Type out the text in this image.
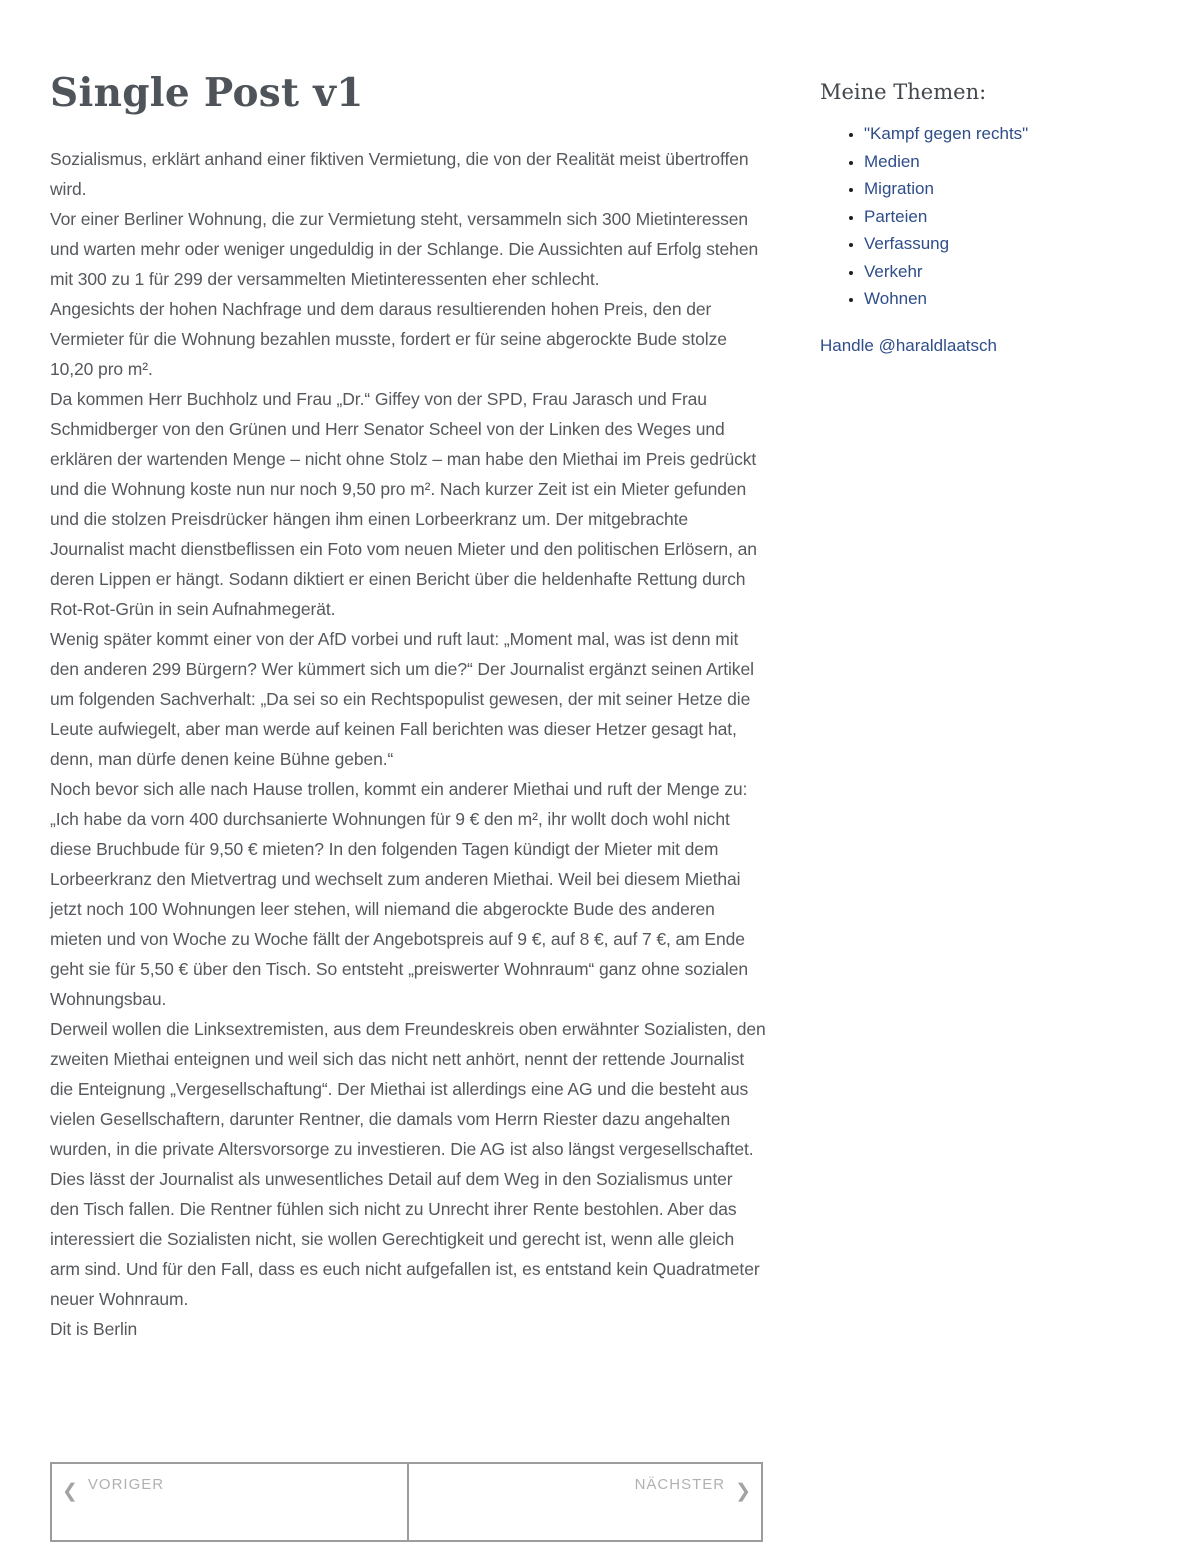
Single Post v1

Sozialismus, erklärt anhand einer fiktiven Vermietung, die von der Realität meist übertroffen wird.

Vor einer Berliner Wohnung, die zur Vermietung steht, versammeln sich 300 Mietinteressen und warten mehr oder weniger ungeduldig in der Schlange. Die Aussichten auf Erfolg stehen mit 300 zu 1 für 299 der versammelten Mietinteressenten eher schlecht.

Angesichts der hohen Nachfrage und dem daraus resultierenden hohen Preis, den der Vermieter für die Wohnung bezahlen musste, fordert er für seine abgerockte Bude stolze 10,20 pro m².

Da kommen Herr Buchholz und Frau „Dr.“ Giffey von der SPD, Frau Jarasch und Frau Schmidberger von den Grünen und Herr Senator Scheel von der Linken des Weges und erklären der wartenden Menge – nicht ohne Stolz – man habe den Miethai im Preis gedrückt und die Wohnung koste nun nur noch 9,50 pro m². Nach kurzer Zeit ist ein Mieter gefunden und die stolzen Preisdrücker hängen ihm einen Lorbeerkranz um. Der mitgebrachte Journalist macht dienstbeflissen ein Foto vom neuen Mieter und den politischen Erlösern, an deren Lippen er hängt. Sodann diktiert er einen Bericht über die heldenhafte Rettung durch Rot-Rot-Grün in sein Aufnahmegerät.

Wenig später kommt einer von der AfD vorbei und ruft laut: „Moment mal, was ist denn mit den anderen 299 Bürgern? Wer kümmert sich um die?“ Der Journalist ergänzt seinen Artikel um folgenden Sachverhalt: „Da sei so ein Rechtspopulist gewesen, der mit seiner Hetze die Leute aufwiegelt, aber man werde auf keinen Fall berichten was dieser Hetzer gesagt hat, denn, man dürfe denen keine Bühne geben.“

Noch bevor sich alle nach Hause trollen, kommt ein anderer Miethai und ruft der Menge zu: „Ich habe da vorn 400 durchsanierte Wohnungen für 9 € den m², ihr wollt doch wohl nicht diese Bruchbude für 9,50 € mieten? In den folgenden Tagen kündigt der Mieter mit dem Lorbeerkranz den Mietvertrag und wechselt zum anderen Miethai. Weil bei diesem Miethai jetzt noch 100 Wohnungen leer stehen, will niemand die abgerockte Bude des anderen mieten und von Woche zu Woche fällt der Angebotspreis auf 9 €, auf 8 €, auf 7 €, am Ende geht sie für 5,50 € über den Tisch. So entsteht „preiswerter Wohnraum“ ganz ohne sozialen Wohnungsbau.

Derweil wollen die Linksextremisten, aus dem Freundeskreis oben erwähnter Sozialisten, den zweiten Miethai enteignen und weil sich das nicht nett anhört, nennt der rettende Journalist die Enteignung „Vergesellschaftung“. Der Miethai ist allerdings eine AG und die besteht aus vielen Gesellschaftern, darunter Rentner, die damals vom Herrn Riester dazu angehalten wurden, in die private Altersvorsorge zu investieren. Die AG ist also längst vergesellschaftet. Dies lässt der Journalist als unwesentliches Detail auf dem Weg in den Sozialismus unter den Tisch fallen. Die Rentner fühlen sich nicht zu Unrecht ihrer Rente bestohlen. Aber das interessiert die Sozialisten nicht, sie wollen Gerechtigkeit und gerecht ist, wenn alle gleich arm sind. Und für den Fall, dass es euch nicht aufgefallen ist, es entstand kein Quadratmeter neuer Wohnraum.

Dit is Berlin

Meine Themen:
• "Kampf gegen rechts"
• Medien
• Migration
• Parteien
• Verfassung
• Verkehr
• Wohnen
Handle @haraldlaatsch
❮ VORIGER	NÄCHSTER ❯
